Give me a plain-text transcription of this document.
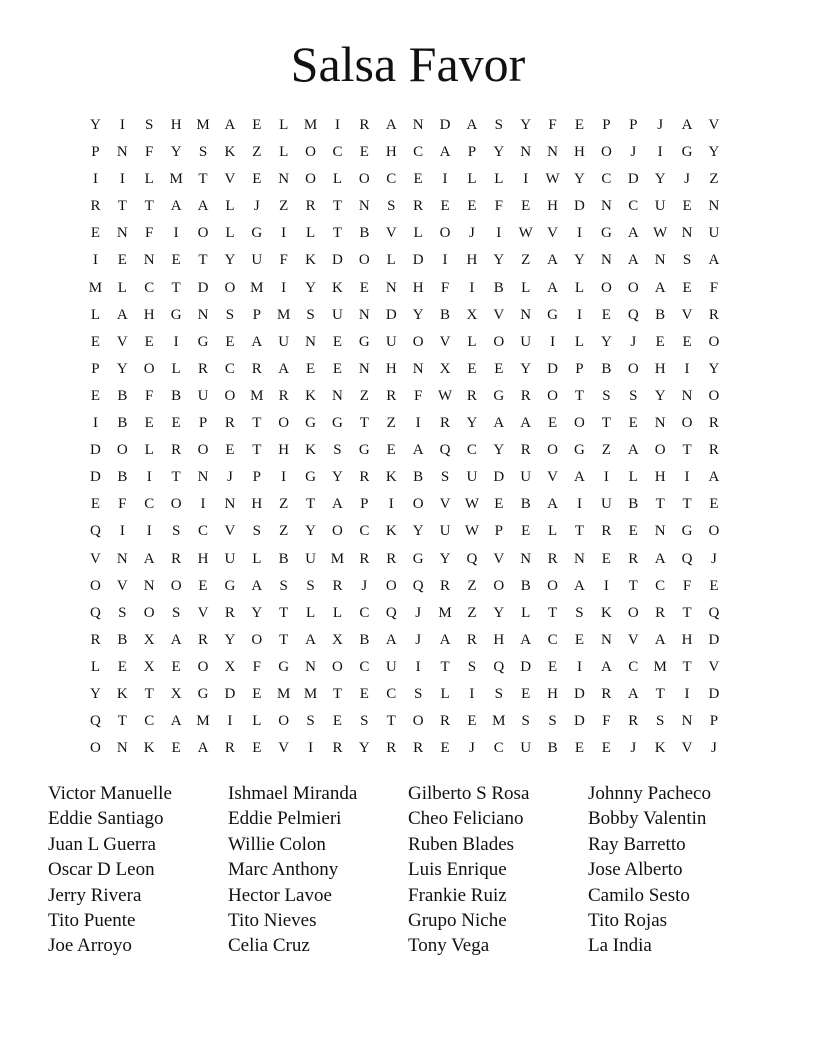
Salsa Favor
Y	I	S	H M A	E	L	M	I	R	A	N	D	A	S	Y	F	E	P	P	J	A	V
P	N	F	Y	S	K	Z	L	O	C	E	H	C	A	P	Y	N	N	H	O	J	I	G	Y
I	I	L	M	T	V	E	N	O	L	O	C	E	I	L	L	I	W Y	C	D	Y	J	Z
R	T	T	A	A	L	J	Z	R	T	N	S	R	E	E	F	E	H	D	N	C	U	E	N
E	N	F	I	O	L	G	I	L	T	B	V	L	O	J	I	W V	I	G	A W N	U
I	E	N	E	T	Y	U	F	K	D	O	L	D	I	H	Y	Z	A	Y	N	A	N	S	A
M	L	C	T	D	O M	I	Y	K	E	N	H	F	I	B	L	A	L	O	O	A	E	F
L	A	H	G	N	S	P	M	S	U	N	D	Y	B	X	V	N	G	I	E	Q	B	V	R
E	V	E	I	G	E	A	U	N	E	G	U	O	V	L	O	U	I	L	Y	J	E	E	O
P	Y	O	L	R	C	R	A	E	E	N	H	N	X	E	E	Y	D	P	B	O	H	I	Y
E	B	F	B	U	O M	R	K	N	Z	R	F	W R	G	R	O	T	S	S	Y	N	O
I	B	E	E	P	R	T	O	G	G	T	Z	I	R	Y	A	A	E	O	T	E	N	O	R
D	O	L	R	O	E	T	H	K	S	G	E	A	Q	C	Y	R	O	G	Z	A	O	T	R
D	B	I	T	N	J	P	I	G	Y	R	K	B	S	U	D	U	V	A	I	L	H	I	A
E	F	C	O	I	N	H	Z	T	A	P	I	O	V W	E	B	A	I	U	B	T	T	E
Q	I	I	S	C	V	S	Z	Y	O	C	K	Y	U W	P	E	L	T	R	E	N	G	O
V	N	A	R	H	U	L	B	U M	R	R	G	Y	Q	V	N	R	N	E	R	A	Q	J
O	V	N	O	E	G	A	S	S	R	J	O	Q	R	Z	O	B	O	A	I	T	C	F	E
Q	S	O	S	V	R	Y	T	L	L	C	Q	J	M	Z	Y	L	T	S	K	O	R	T	Q
R	B	X	A	R	Y	O	T	A	X	B	A	J	A	R	H	A	C	E	N	V	A	H	D
L	E	X	E	O	X	F	G	N	O	C	U	I	T	S	Q	D	E	I	A	C	M	T	V
Y	K	T	X	G	D	E	M M	T	E	C	S	L	I	S	E	H	D	R	A	T	I	D
Q	T	C	A M	I	L	O	S	E	S	T	O	R	E	M	S	S	D	F	R	S	N	P
O	N	K	E	A	R	E	V	I	R	Y	R	R	E	J	C	U	B	E	E	J	K	V	J
Victor Manuelle	Ishmael Miranda	Gilberto S Rosa	Johnny Pacheco
Eddie Santiago	Eddie Pelmieri	Cheo Feliciano	Bobby Valentin
Juan L Guerra	Willie Colon	Ruben Blades	Ray Barretto
Oscar D Leon	Marc Anthony	Luis Enrique	Jose Alberto
Jerry Rivera	Hector Lavoe	Frankie Ruiz	Camilo Sesto
Tito Puente	Tito Nieves	Grupo Niche	Tito Rojas
Joe Arroyo	Celia Cruz	Tony Vega	La India
